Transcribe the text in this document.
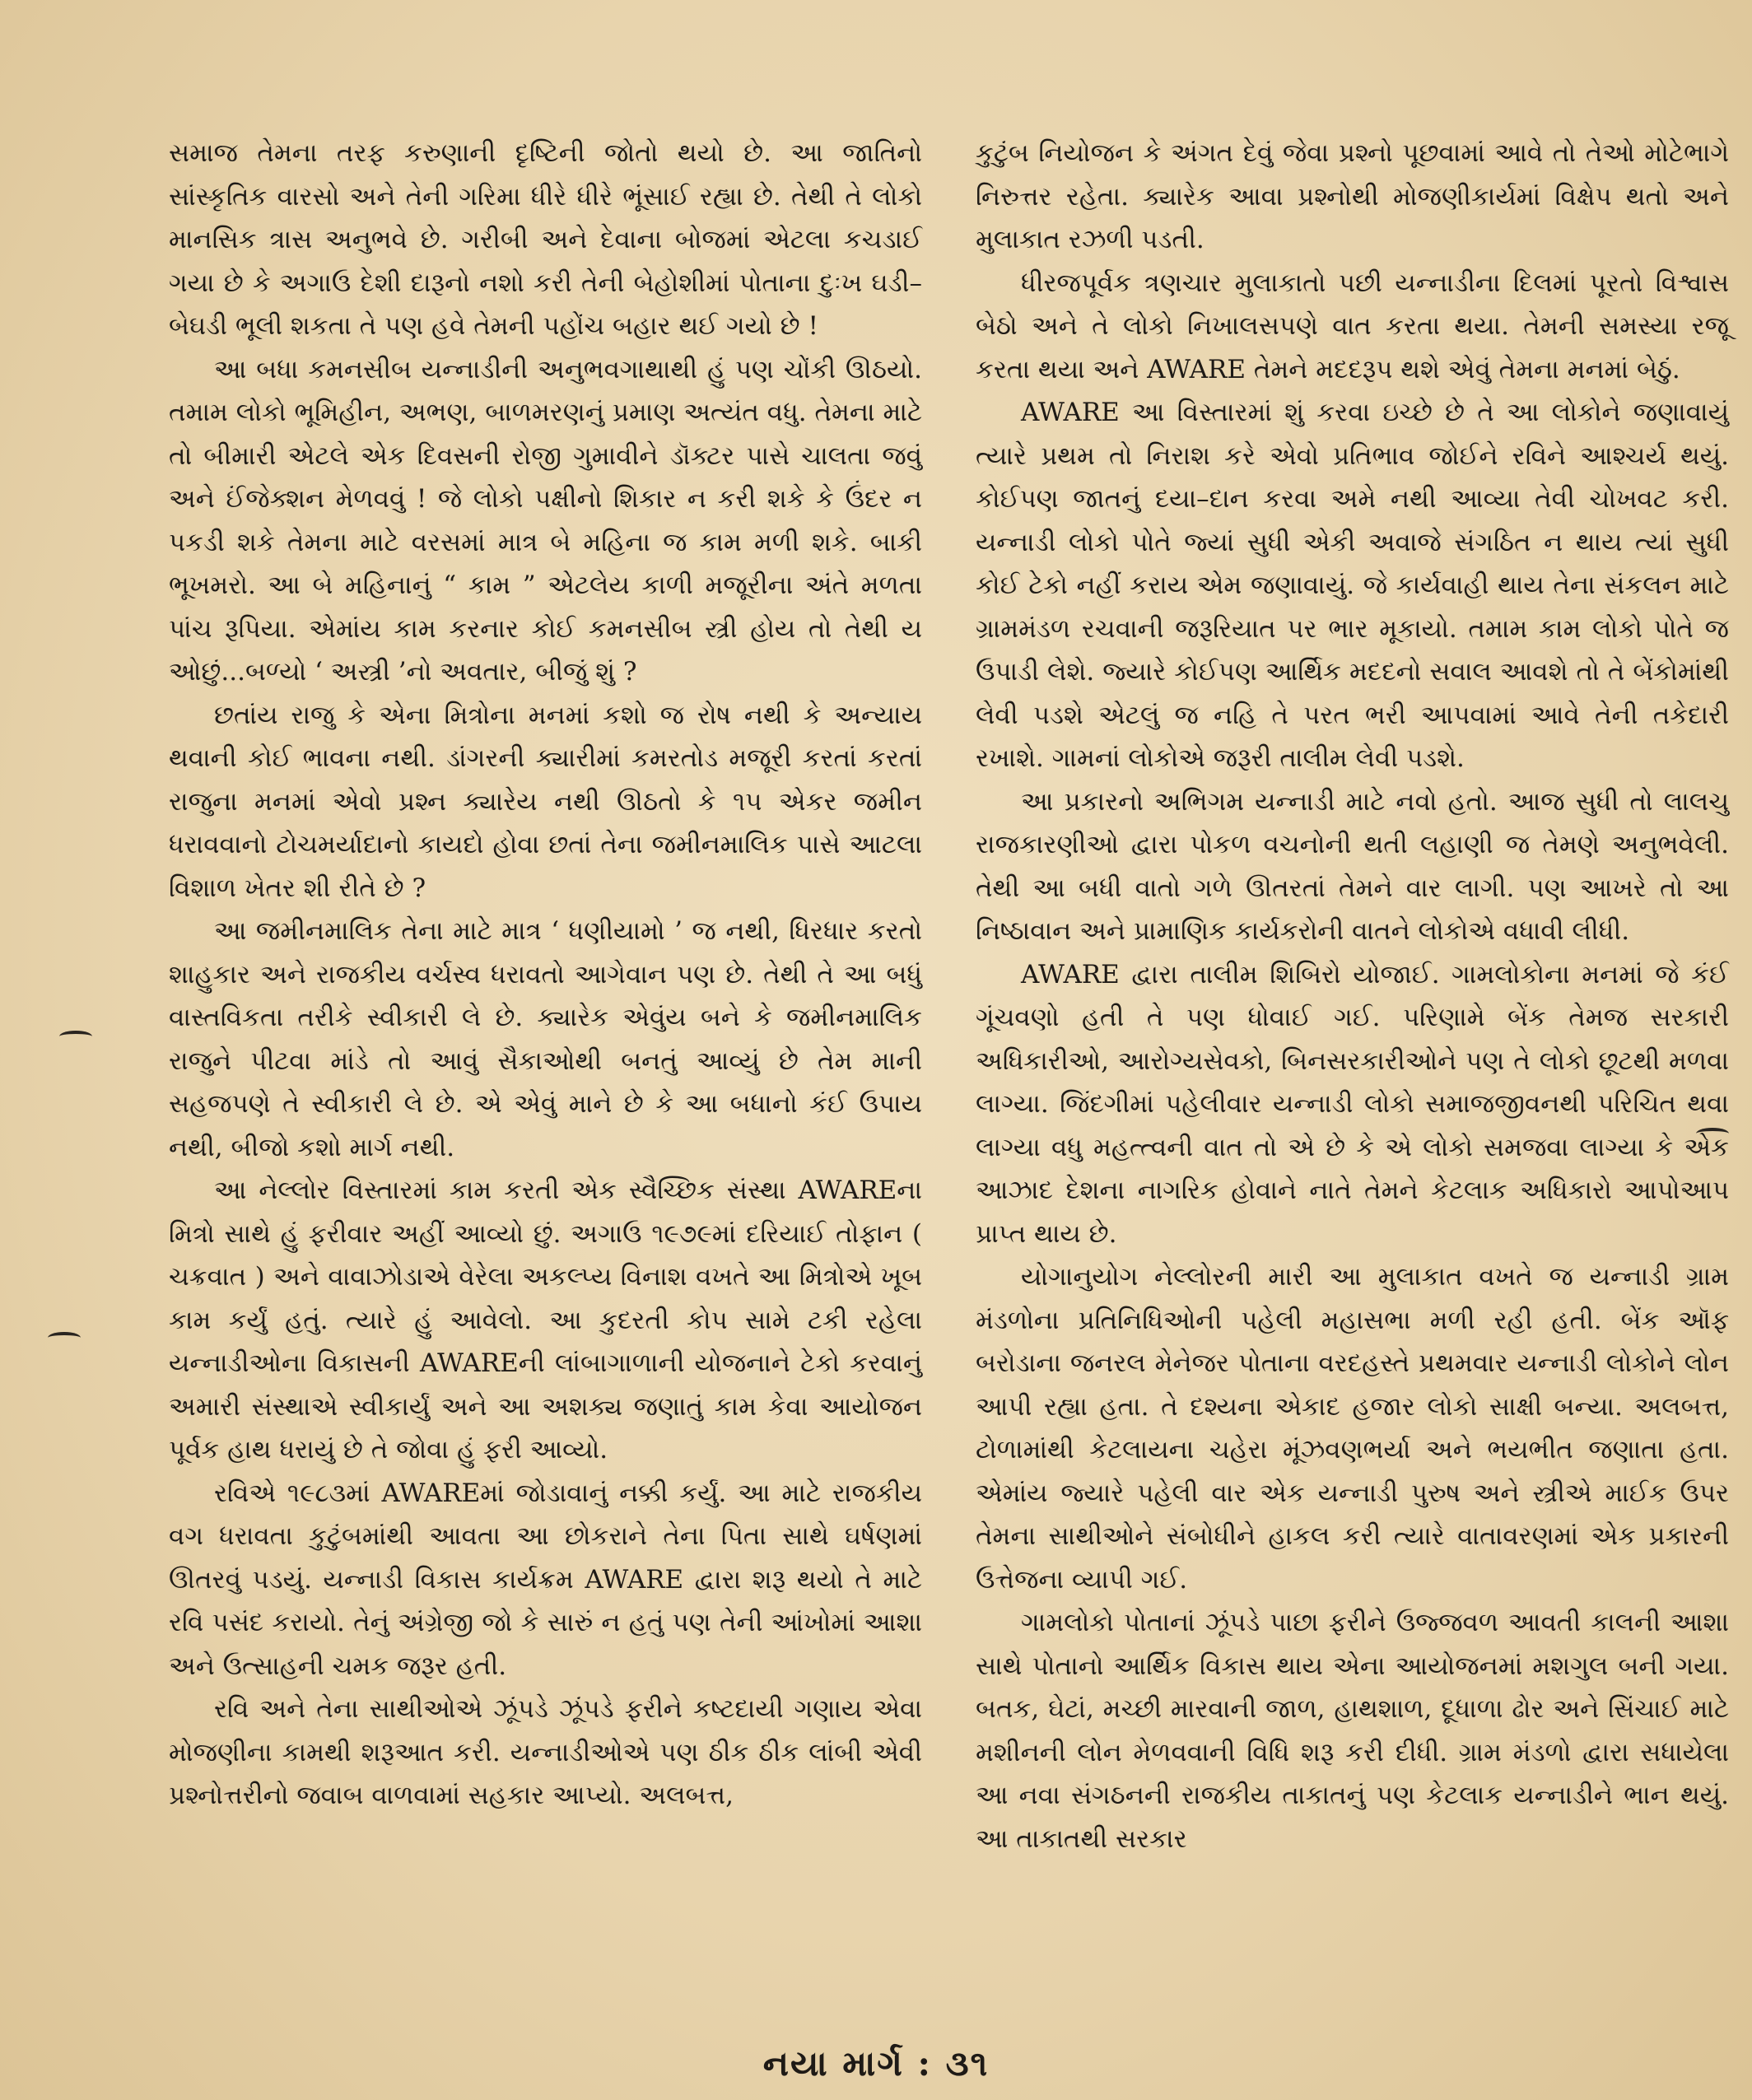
સમાજ તેમના તરફ કરુણાની દૃષ્ટિની જોતો થયો છે. આ જાતિનો સાંસ્કૃતિક વારસો અને તેની ગરિમા ધીરે ધીરે ભૂંસાઈ રહ્યા છે. તેથી તે લોકો માનસિક ત્રાસ અનુભવે છે. ગરીબી અને દેવાના બોજમાં એટલા કચડાઈ ગયા છે કે અગાઉ દેશી દારૂનો નશો કરી તેની બેહોશીમાં પોતાના દુઃખ ઘડી–બેઘડી ભૂલી શકતા તે પણ હવે તેમની પહોંચ બહાર થઈ ગયો છે !

આ બધા કમનસીબ યન્નાડીની અનુભવગાથાથી હું પણ ચોંકી ઊઠયો. તમામ લોકો ભૂમિહીન, અભણ, બાળમરણનું પ્રમાણ અત્યંત વધુ. તેમના માટે તો બીમારી એટલે એક દિવસની રોજી ગુમાવીને ડૉક્ટર પાસે ચાલતા જવું અને ઈંજેક્શન મેળવવું ! જે લોકો પક્ષીનો શિકાર ન કરી શકે કે ઉંદર ન પકડી શકે તેમના માટે વરસમાં માત્ર બે મહિના જ કામ મળી શકે. બાકી ભૂખમરો. આ બે મહિનાનું “ કામ ” એટલેય કાળી મજૂરીના અંતે મળતા પાંચ રૂપિયા. એમાંય કામ કરનાર કોઈ કમનસીબ સ્ત્રી હોય તો તેથી ય ઓછું...બળ્યો ‘ અસ્ત્રી ’નો અવતાર, બીજું શું ?

છતાંય રાજુ કે એના મિત્રોના મનમાં કશો જ રોષ નથી કે અન્યાય થવાની કોઈ ભાવના નથી. ડાંગરની ક્યારીમાં કમરતોડ મજૂરી કરતાં કરતાં રાજુના મનમાં એવો પ્રશ્ન ક્યારેય નથી ઊઠતો કે ૧૫ એકર જમીન ધરાવવાનો ટોચમર્યાદાનો કાયદો હોવા છતાં તેના જમીનમાલિક પાસે આટલા વિશાળ ખેતર શી રીતે છે ?

આ જમીનમાલિક તેના માટે માત્ર ‘ ધણીયામો ’ જ નથી, ધિરધાર કરતો શાહુકાર અને રાજકીય વર્ચસ્વ ધરાવતો આગેવાન પણ છે. તેથી તે આ બધું વાસ્તવિકતા તરીકે સ્વીકારી લે છે. ક્યારેક એવુંય બને કે જમીનમાલિક રાજુને પીટવા માંડે તો આવું સૈકાઓથી બનતું આવ્યું છે તેમ માની સહજપણે તે સ્વીકારી લે છે. એ એવું માને છે કે આ બધાનો કંઈ ઉપાય નથી, બીજો કશો માર્ગ નથી.

આ નેલ્લોર વિસ્તારમાં કામ કરતી એક સ્વૈચ્છિક સંસ્થા AWAREના મિત્રો સાથે હું ફરીવાર અહીં આવ્યો છું. અગાઉ ૧૯૭૯માં દરિયાઈ તોફાન ( ચક્રવાત ) અને વાવાઝોડાએ વેરેલા અકલ્પ્ય વિનાશ વખતે આ મિત્રોએ ખૂબ કામ કર્યું હતું. ત્યારે હું આવેલો. આ કુદરતી કોપ સામે ટકી રહેલા યન્નાડીઓના વિકાસની AWAREની લાંબાગાળાની યોજનાને ટેકો કરવાનું અમારી સંસ્થાએ સ્વીકાર્યું અને આ અશક્ય જણાતું કામ કેવા આયોજન પૂર્વક હાથ ધરાયું છે તે જોવા હું ફરી આવ્યો.

રવિએ ૧૯૮૩માં AWAREમાં જોડાવાનું નક્કી કર્યું. આ માટે રાજકીય વગ ધરાવતા કુટુંબમાંથી આવતા આ છોકરાને તેના પિતા સાથે ઘર્ષણમાં ઊતરવું પડયું. યન્નાડી વિકાસ કાર્યક્રમ AWARE દ્વારા શરૂ થયો તે માટે રવિ પસંદ કરાયો. તેનું અંગ્રેજી જો કે સારું ન હતું પણ તેની આંખોમાં આશા અને ઉત્સાહની ચમક જરૂર હતી.

રવિ અને તેના સાથીઓએ ઝૂંપડે ઝૂંપડે ફરીને કષ્ટદાયી ગણાય એવા મોજણીના કામથી શરૂઆત કરી. યન્નાડીઓએ પણ ઠીક ઠીક લાંબી એવી પ્રશ્નોત્તરીનો જવાબ વાળવામાં સહકાર આપ્યો. અલબત્ત,

કુટુંબ નિયોજન કે અંગત દેવું જેવા પ્રશ્નો પૂછવામાં આવે તો તેઓ મોટેભાગે નિરુત્તર રહેતા. ક્યારેક આવા પ્રશ્નોથી મોજણીકાર્યમાં વિક્ષેપ થતો અને મુલાકાત રઝળી પડતી.

ધીરજપૂર્વક ત્રણચાર મુલાકાતો પછી યન્નાડીના દિલમાં પૂરતો વિશ્વાસ બેઠો અને તે લોકો નિખાલસપણે વાત કરતા થયા. તેમની સમસ્યા રજૂ કરતા થયા અને AWARE તેમને મદદરૂપ થશે એવું તેમના મનમાં બેઠું.

AWARE આ વિસ્તારમાં શું કરવા ઇચ્છે છે તે આ લોકોને જણાવાયું ત્યારે પ્રથમ તો નિરાશ કરે એવો પ્રતિભાવ જોઈને રવિને આશ્ચર્ય થયું. કોઈપણ જાતનું દયા–દાન કરવા અમે નથી આવ્યા તેવી ચોખવટ કરી. યન્નાડી લોકો પોતે જ્યાં સુધી એકી અવાજે સંગઠિત ન થાય ત્યાં સુધી કોઈ ટેકો નહીં કરાય એમ જણાવાયું. જે કાર્યવાહી થાય તેના સંકલન માટે ગ્રામમંડળ રચવાની જરૂરિયાત પર ભાર મૂકાયો. તમામ કામ લોકો પોતે જ ઉપાડી લેશે. જ્યારે કોઈપણ આર્થિક મદદનો સવાલ આવશે તો તે બેંકોમાંથી લેવી પડશે એટલું જ નહિ તે પરત ભરી આપવામાં આવે તેની તકેદારી રખાશે. ગામનાં લોકોએ જરૂરી તાલીમ લેવી પડશે.

આ પ્રકારનો અભિગમ યન્નાડી માટે નવો હતો. આજ સુધી તો લાલચુ રાજકારણીઓ દ્વારા પોકળ વચનોની થતી લહાણી જ તેમણે અનુભવેલી. તેથી આ બધી વાતો ગળે ઊતરતાં તેમને વાર લાગી. પણ આખરે તો આ નિષ્ઠાવાન અને પ્રામાણિક કાર્યકરોની વાતને લોકોએ વધાવી લીધી.

AWARE દ્વારા તાલીમ શિબિરો યોજાઈ. ગામલોકોના મનમાં જે કંઈ ગૂંચવણો હતી તે પણ ધોવાઈ ગઈ. પરિણામે બેંક તેમજ સરકારી અધિકારીઓ, આરોગ્યસેવકો, બિનસરકારીઓને પણ તે લોકો છૂટથી મળવા લાગ્યા. જિંદગીમાં પહેલીવાર યન્નાડી લોકો સમાજજીવનથી પરિચિત થવા લાગ્યા વધુ મહત્ત્વની વાત તો એ છે કે એ લોકો સમજવા લાગ્યા કે એક આઝાદ દેશના નાગરિક હોવાને નાતે તેમને કેટલાક અધિકારો આપોઆપ પ્રાપ્ત થાય છે.

યોગાનુયોગ નેલ્લોરની મારી આ મુલાકાત વખતે જ યન્નાડી ગ્રામ મંડળોના પ્રતિનિધિઓની પહેલી મહાસભા મળી રહી હતી. બેંક ઑફ બરોડાના જનરલ મેનેજર પોતાના વરદહસ્તે પ્રથમવાર યન્નાડી લોકોને લોન આપી રહ્યા હતા. તે દશ્યના એકાદ હજાર લોકો સાક્ષી બન્યા. અલબત્ત, ટોળામાંથી કેટલાયના ચહેરા મૂંઝવણભર્યા અને ભયભીત જણાતા હતા. એમાંય જ્યારે પહેલી વાર એક યન્નાડી પુરુષ અને સ્ત્રીએ માઈક ઉપર તેમના સાથીઓને સંબોધીને હાકલ કરી ત્યારે વાતાવરણમાં એક પ્રકારની ઉત્તેજના વ્યાપી ગઈ.

ગામલોકો પોતાનાં ઝૂંપડે પાછા ફરીને ઉજ્જવળ આવતી કાલની આશા સાથે પોતાનો આર્થિક વિકાસ થાય એના આયોજનમાં મશગુલ બની ગયા. બતક, ઘેટાં, મચ્છી મારવાની જાળ, હાથશાળ, દૂધાળા ઢોર અને સિંચાઈ માટે મશીનની લોન મેળવવાની વિધિ શરૂ કરી દીધી. ગ્રામ મંડળો દ્વારા સધાયેલા આ નવા સંગઠનની રાજકીય તાકાતનું પણ કેટલાક યન્નાડીને ભાન થયું. આ તાકાતથી સરકાર

નયા માર્ગ : ૩૧
